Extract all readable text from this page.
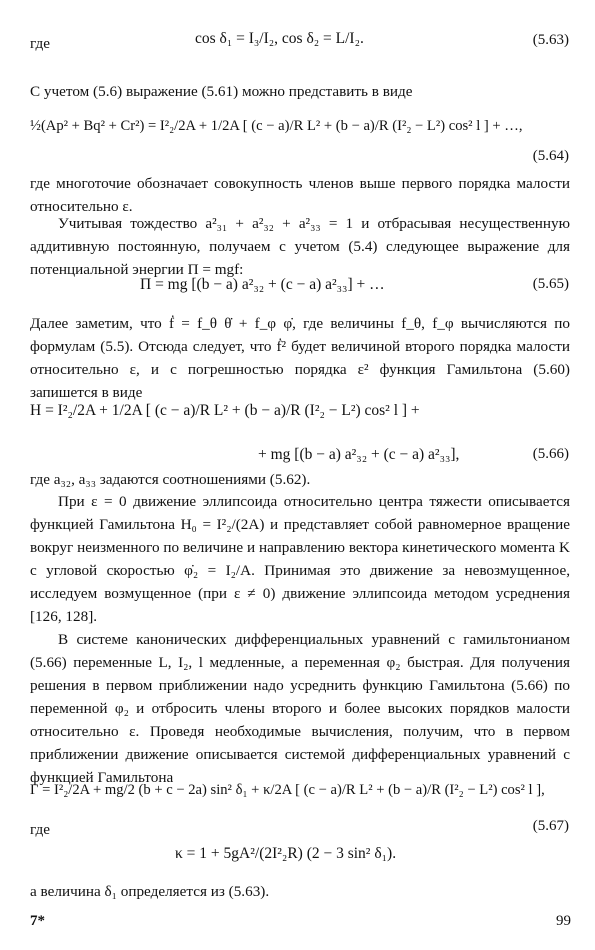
где	cos δ₁ = I₃/I₂, cos δ₂ = L/I₂.	(5.63)
С учетом (5.6) выражение (5.61) можно представить в виде
½(Ap² + Bq² + Cr²) = I²₂/2A + 1/2A [ (c − a)/R L² + (b − a)/R (I²₂ − L²) cos² l ] + …,
(5.64)
где многоточие обозначает совокупность членов выше первого порядка малости относительно ε.
Учитывая тождество a²₃₁ + a²₃₂ + a²₃₃ = 1 и отбрасывая несущественную аддитивную постоянную, получаем с учетом (5.4) следующее выражение для потенциальной энергии Π = mgf:
Π = mg [(b − a) a²₃₂ + (c − a) a²₃₃] + …	(5.65)
Далее заметим, что ḟ = f_θ θ̇ + f_φ φ̇, где величины f_θ, f_φ вычисляются по формулам (5.5). Отсюда следует, что ḟ² будет величиной второго порядка малости относительно ε, и с погрешностью порядка ε² функция Гамильтона (5.60) запишется в виде
H = I²₂/2A + 1/2A [ (c − a)/R L² + (b − a)/R (I²₂ − L²) cos² l ] +
+ mg [(b − a) a²₃₂ + (c − a) a²₃₃],	(5.66)
где a₃₂, a₃₃ задаются соотношениями (5.62).
При ε = 0 движение эллипсоида относительно центра тяжести описывается функцией Гамильтона H₀ = I²₂/(2A) и представляет собой равномерное вращение вокруг неизменного по величине и направлению вектора кинетического момента K с угловой скоростью φ̇₂ = I₂/A. Принимая это движение за невозмущенное, исследуем возмущенное (при ε ≠ 0) движение эллипсоида методом усреднения [126, 128].
В системе канонических дифференциальных уравнений с гамильтонианом (5.66) переменные L, I₂, l медленные, а переменная φ₂ быстрая. Для получения решения в первом приближении надо усреднить функцию Гамильтона (5.66) по переменной φ₂ и отбросить члены второго и более высоких порядков малости относительно ε. Проведя необходимые вычисления, получим, что в первом приближении движение описывается системой дифференциальных уравнений с функцией Гамильтона
Γ = I²₂/2A + mg/2 (b + c − 2a) sin² δ₁ + κ/2A [ (c − a)/R L² + (b − a)/R (I²₂ − L²) cos² l ],
где	(5.67)
κ = 1 + 5gA²/(2I²₂R) (2 − 3 sin² δ₁).
а величина δ₁ определяется из (5.63).
7*	99
